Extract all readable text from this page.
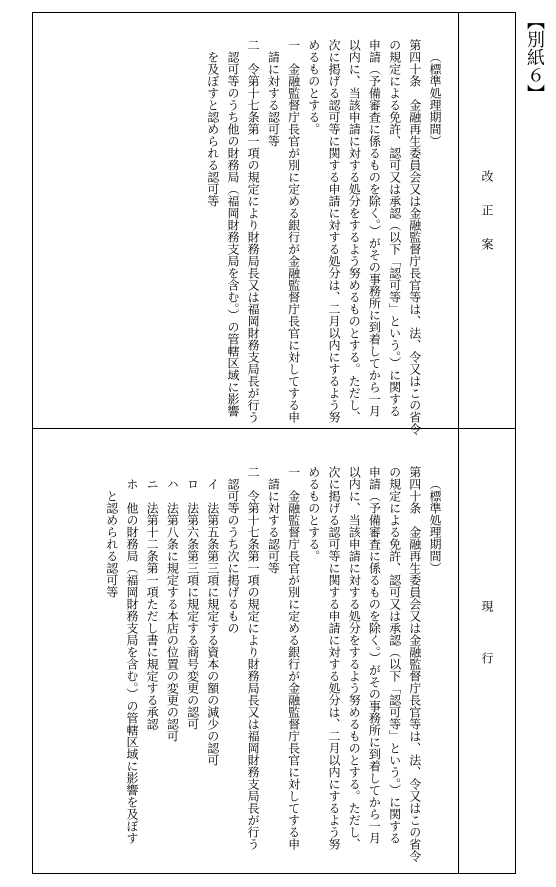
【別紙６】
改正案
現行

（標準処理期間）

第四十条　金融再生委員会又は金融監督庁長官等は、法、令又はこの省令

の規定による免許、認可又は承認（以下「認可等」という。）に関する

申請（予備審査に係るものを除く。）がその事務所に到着してから一月

以内に、当該申請に対する処分をするよう努めるものとする。ただし、

次に掲げる認可等に関する申請に対する処分は、二月以内にするよう努

めるものとする。

一　金融監督庁長官が別に定める銀行が金融監督庁長官に対してする申

請に対する認可等

二　令第十七条第一項の規定により財務局長又は福岡財務支局長が行う

認可等のうち他の財務局（福岡財務支局を含む。）の管轄区域に影響

を及ぼすと認められる認可等

（標準処理期間）

第四十条　金融再生委員会又は金融監督庁長官等は、法、令又はこの省令

の規定による免許、認可又は承認（以下「認可等」という。）に関する

申請（予備審査に係るものを除く。）がその事務所に到着してから一月

以内に、当該申請に対する処分をするよう努めるものとする。ただし、

次に掲げる認可等に関する申請に対する処分は、二月以内にするよう努

めるものとする。

一　金融監督庁長官が別に定める銀行が金融監督庁長官に対してする申

請に対する認可等

二　令第十七条第一項の規定により財務局長又は福岡財務支局長が行う

認可等のうち次に掲げるもの

イ　法第五条第三項に規定する資本の額の減少の認可

ロ　法第六条第三項に規定する商号変更の認可

ハ　法第八条に規定する本店の位置の変更の認可

ニ　法第十二条第一項ただし書に規定する承認

ホ　他の財務局（福岡財務支局を含む。）の管轄区域に影響を及ぼす

と認められる認可等
